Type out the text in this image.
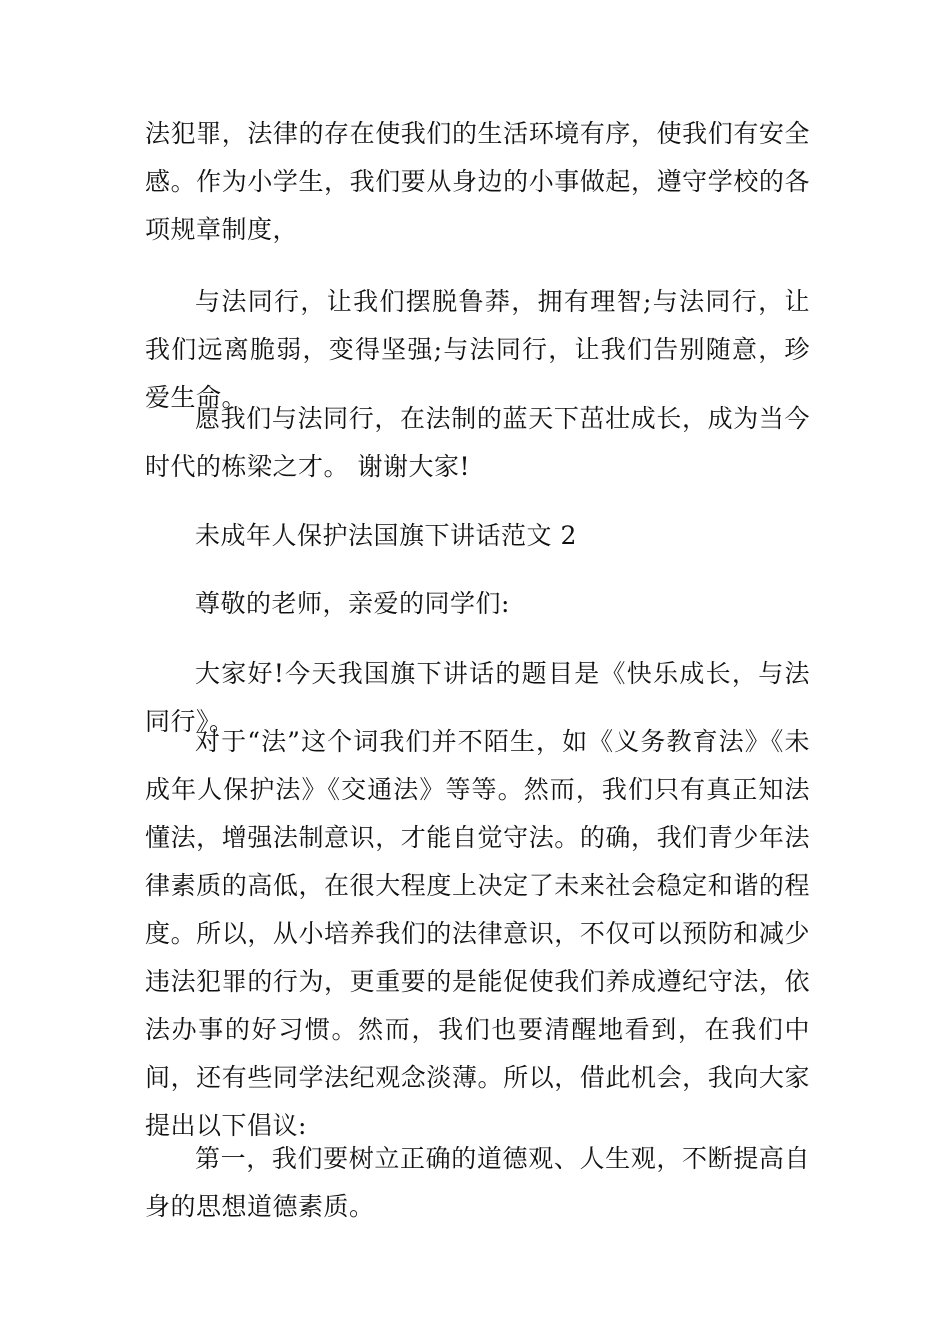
法犯罪，法律的存在使我们的生活环境有序，使我们有安全感。作为小学生，我们要从身边的小事做起，遵守学校的各项规章制度，

与法同行，让我们摆脱鲁莽，拥有理智;与法同行，让我们远离脆弱，变得坚强;与法同行，让我们告别随意，珍爱生命。

愿我们与法同行，在法制的蓝天下茁壮成长，成为当今时代的栋梁之才。 谢谢大家!

未成年人保护法国旗下讲话范文 2

尊敬的老师，亲爱的同学们:

大家好!今天我国旗下讲话的题目是《快乐成长，与法同行》。

对于“法”这个词我们并不陌生，如《义务教育法》《未成年人保护法》《交通法》等等。然而，我们只有真正知法懂法，增强法制意识，才能自觉守法。的确，我们青少年法律素质的高低，在很大程度上决定了未来社会稳定和谐的程度。所以，从小培养我们的法律意识，不仅可以预防和减少违法犯罪的行为，更重要的是能促使我们养成遵纪守法，依法办事的好习惯。然而，我们也要清醒地看到，在我们中间，还有些同学法纪观念淡薄。所以，借此机会，我向大家提出以下倡议:

第一，我们要树立正确的道德观、人生观，不断提高自身的思想道德素质。
